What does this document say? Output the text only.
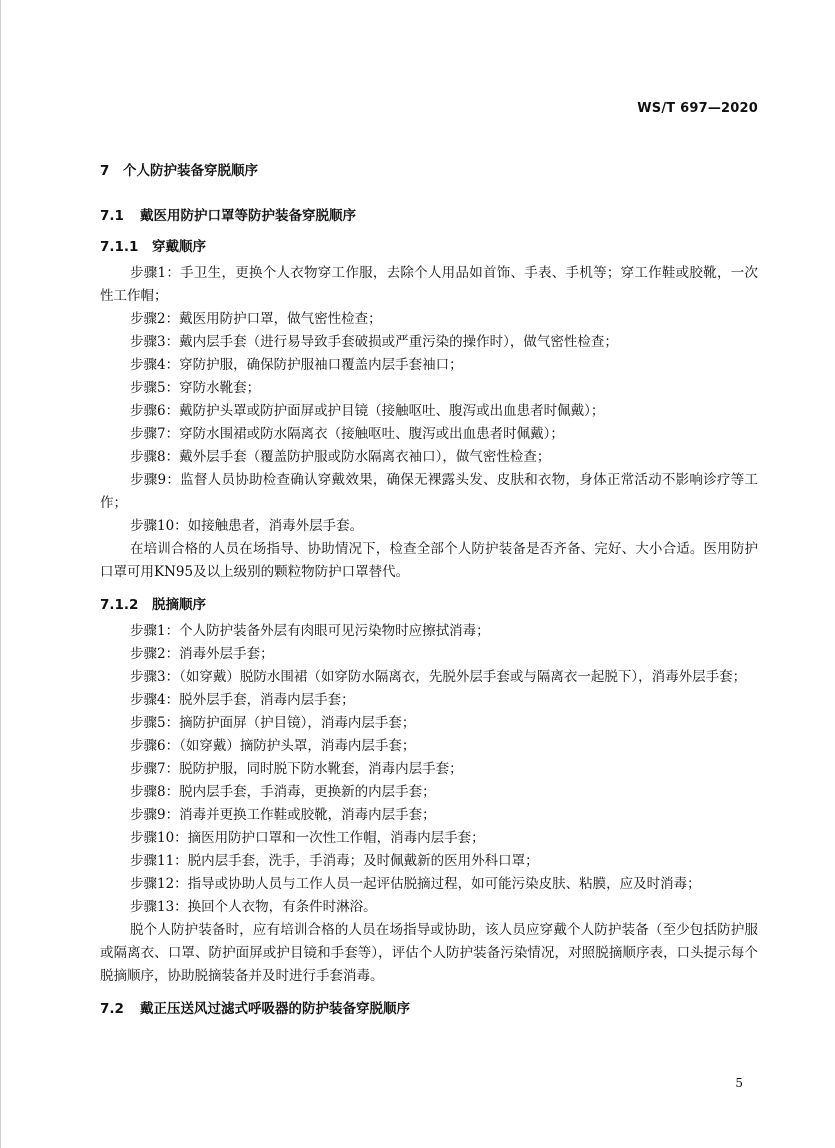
WS/T 697—2020
7 个人防护装备穿脱顺序
7.1 戴医用防护口罩等防护装备穿脱顺序
7.1.1 穿戴顺序

步骤1：手卫生，更换个人衣物穿工作服，去除个人用品如首饰、手表、手机等；穿工作鞋或胶靴，一次性工作帽；

步骤2：戴医用防护口罩，做气密性检查；

步骤3：戴内层手套（进行易导致手套破损或严重污染的操作时），做气密性检查；

步骤4：穿防护服，确保防护服袖口覆盖内层手套袖口；

步骤5：穿防水靴套；

步骤6：戴防护头罩或防护面屏或护目镜（接触呕吐、腹泻或出血患者时佩戴）；

步骤7：穿防水围裙或防水隔离衣（接触呕吐、腹泻或出血患者时佩戴）；

步骤8：戴外层手套（覆盖防护服或防水隔离衣袖口），做气密性检查；

步骤9：监督人员协助检查确认穿戴效果，确保无裸露头发、皮肤和衣物，身体正常活动不影响诊疗等工作；

步骤10：如接触患者，消毒外层手套。

在培训合格的人员在场指导、协助情况下，检查全部个人防护装备是否齐备、完好、大小合适。医用防护口罩可用KN95及以上级别的颗粒物防护口罩替代。

7.1.2 脱摘顺序

步骤1：个人防护装备外层有肉眼可见污染物时应擦拭消毒；

步骤2：消毒外层手套；

步骤3：（如穿戴）脱防水围裙（如穿防水隔离衣，先脱外层手套或与隔离衣一起脱下），消毒外层手套；

步骤4：脱外层手套，消毒内层手套；

步骤5：摘防护面屏（护目镜），消毒内层手套；

步骤6：（如穿戴）摘防护头罩，消毒内层手套；

步骤7：脱防护服，同时脱下防水靴套，消毒内层手套；

步骤8：脱内层手套，手消毒，更换新的内层手套；

步骤9：消毒并更换工作鞋或胶靴，消毒内层手套；

步骤10：摘医用防护口罩和一次性工作帽，消毒内层手套；

步骤11：脱内层手套，洗手，手消毒；及时佩戴新的医用外科口罩；

步骤12：指导或协助人员与工作人员一起评估脱摘过程，如可能污染皮肤、粘膜，应及时消毒；

步骤13：换回个人衣物，有条件时淋浴。

脱个人防护装备时，应有培训合格的人员在场指导或协助，该人员应穿戴个人防护装备（至少包括防护服或隔离衣、口罩、防护面屏或护目镜和手套等），评估个人防护装备污染情况，对照脱摘顺序表，口头提示每个脱摘顺序，协助脱摘装备并及时进行手套消毒。

7.2 戴正压送风过滤式呼吸器的防护装备穿脱顺序
5
